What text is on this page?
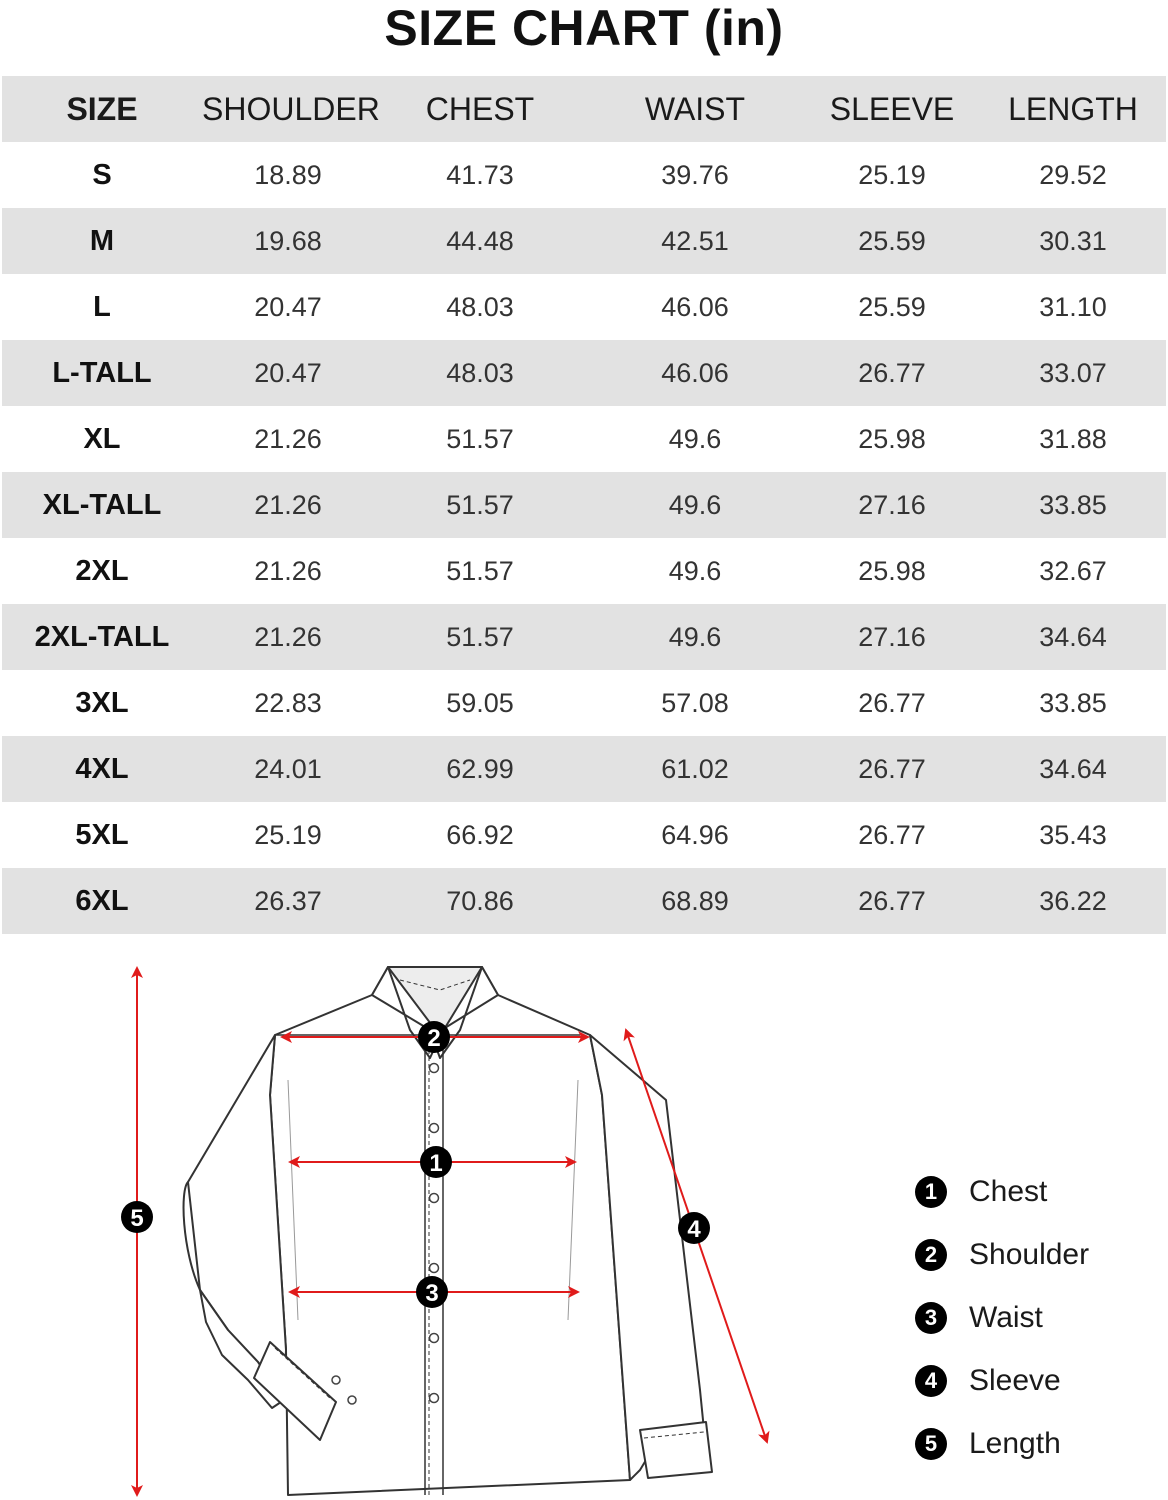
SIZE CHART (in)
SIZE	SHOULDER	CHEST	WAIST	SLEEVE	LENGTH
S	18.89	41.73	39.76	25.19	29.52
M	19.68	44.48	42.51	25.59	30.31
L	20.47	48.03	46.06	25.59	31.10
L-TALL	20.47	48.03	46.06	26.77	33.07
XL	21.26	51.57	49.6	25.98	31.88
XL-TALL	21.26	51.57	49.6	27.16	33.85
2XL	21.26	51.57	49.6	25.98	32.67
2XL-TALL	21.26	51.57	49.6	27.16	34.64
3XL	22.83	59.05	57.08	26.77	33.85
4XL	24.01	62.99	61.02	26.77	34.64
5XL	25.19	66.92	64.96	26.77	35.43
6XL	26.37	70.86	68.89	26.77	36.22
2
1
3
4
5
1	Chest
2	Shoulder
3	Waist
4	Sleeve
5	Length
